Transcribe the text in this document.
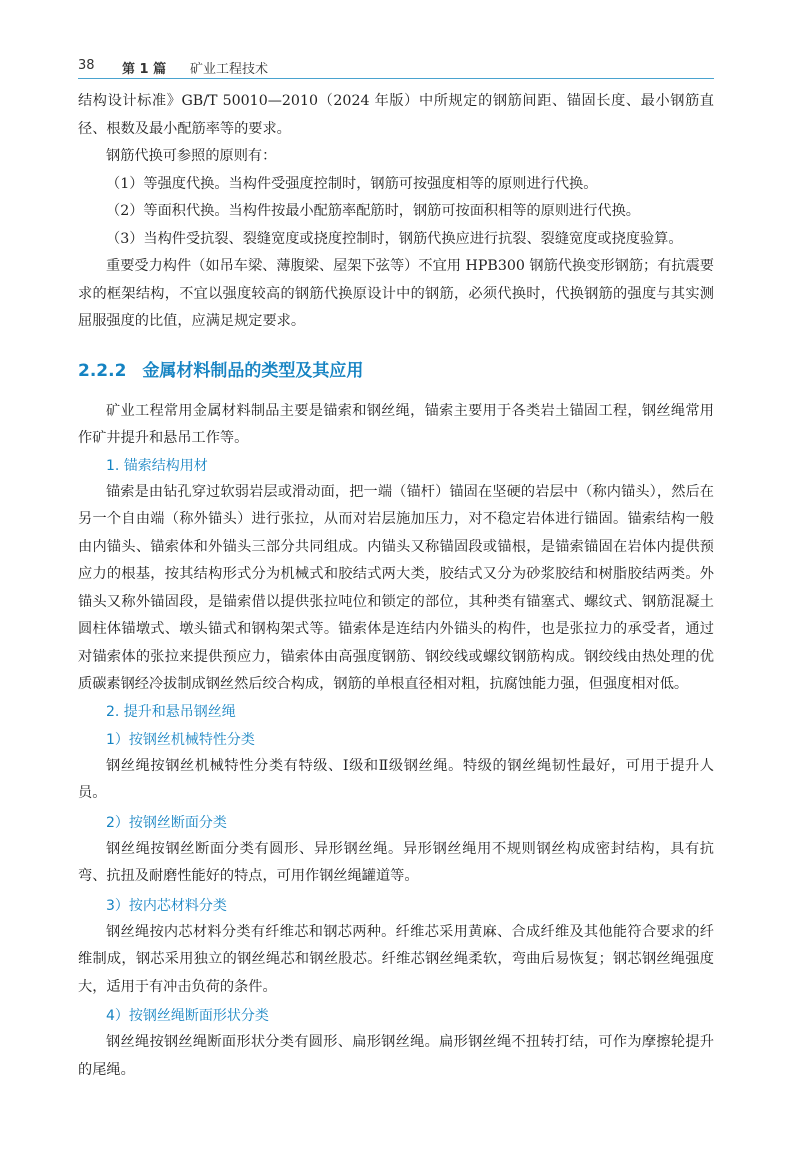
38 第 1 篇 矿业工程技术

结构设计标准》GB/T 50010—2010（2024 年版）中所规定的钢筋间距、锚固长度、最小钢筋直径、根数及最小配筋率等的要求。

钢筋代换可参照的原则有：

（1）等强度代换。当构件受强度控制时，钢筋可按强度相等的原则进行代换。

（2）等面积代换。当构件按最小配筋率配筋时，钢筋可按面积相等的原则进行代换。

（3）当构件受抗裂、裂缝宽度或挠度控制时，钢筋代换应进行抗裂、裂缝宽度或挠度验算。

重要受力构件（如吊车梁、薄腹梁、屋架下弦等）不宜用 HPB300 钢筋代换变形钢筋；有抗震要求的框架结构，不宜以强度较高的钢筋代换原设计中的钢筋，必须代换时，代换钢筋的强度与其实测屈服强度的比值，应满足规定要求。

2.2.2 金属材料制品的类型及其应用

矿业工程常用金属材料制品主要是锚索和钢丝绳，锚索主要用于各类岩土锚固工程，钢丝绳常用作矿井提升和悬吊工作等。

1. 锚索结构用材

锚索是由钻孔穿过软弱岩层或滑动面，把一端（锚杆）锚固在坚硬的岩层中（称内锚头），然后在另一个自由端（称外锚头）进行张拉，从而对岩层施加压力，对不稳定岩体进行锚固。锚索结构一般由内锚头、锚索体和外锚头三部分共同组成。内锚头又称锚固段或锚根，是锚索锚固在岩体内提供预应力的根基，按其结构形式分为机械式和胶结式两大类，胶结式又分为砂浆胶结和树脂胶结两类。外锚头又称外锚固段，是锚索借以提供张拉吨位和锁定的部位，其种类有锚塞式、螺纹式、钢筋混凝土圆柱体锚墩式、墩头锚式和钢构架式等。锚索体是连结内外锚头的构件，也是张拉力的承受者，通过对锚索体的张拉来提供预应力，锚索体由高强度钢筋、钢绞线或螺纹钢筋构成。钢绞线由热处理的优质碳素钢经冷拔制成钢丝然后绞合构成，钢筋的单根直径相对粗，抗腐蚀能力强，但强度相对低。

2. 提升和悬吊钢丝绳

1）按钢丝机械特性分类

钢丝绳按钢丝机械特性分类有特级、Ⅰ级和Ⅱ级钢丝绳。特级的钢丝绳韧性最好，可用于提升人员。

2）按钢丝断面分类

钢丝绳按钢丝断面分类有圆形、异形钢丝绳。异形钢丝绳用不规则钢丝构成密封结构，具有抗弯、抗扭及耐磨性能好的特点，可用作钢丝绳罐道等。

3）按内芯材料分类

钢丝绳按内芯材料分类有纤维芯和钢芯两种。纤维芯采用黄麻、合成纤维及其他能符合要求的纤维制成，钢芯采用独立的钢丝绳芯和钢丝股芯。纤维芯钢丝绳柔软，弯曲后易恢复；钢芯钢丝绳强度大，适用于有冲击负荷的条件。

4）按钢丝绳断面形状分类

钢丝绳按钢丝绳断面形状分类有圆形、扁形钢丝绳。扁形钢丝绳不扭转打结，可作为摩擦轮提升的尾绳。
